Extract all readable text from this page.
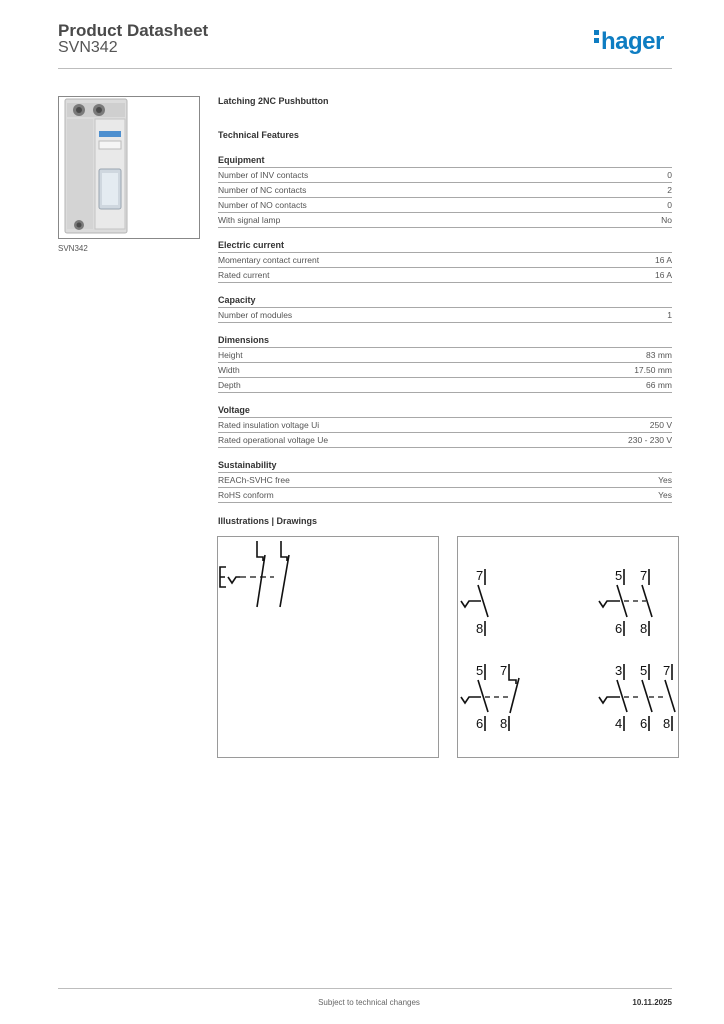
Product Datasheet
SVN342	hager
SVN342
Latching 2NC Pushbutton
Technical Features
Equipment
Number of INV contacts	0
Number of NC contacts	2
Number of NO contacts	0
With signal lamp	No
Electric current
Momentary contact current	16 A
Rated current	16 A
Capacity
Number of modules	1
Dimensions
Height	83 mm
Width	17.50 mm
Depth	66 mm
Voltage
Rated insulation voltage Ui	250 V
Rated operational voltage Ue	230 - 230 V
Sustainability
REACh-SVHC free	Yes
RoHS conform	Yes
Illustrations | Drawings
7
8
5 7
6 8
5 7
6 8
3 5 7
4 6 8
Subject to technical changes	10.11.2025
